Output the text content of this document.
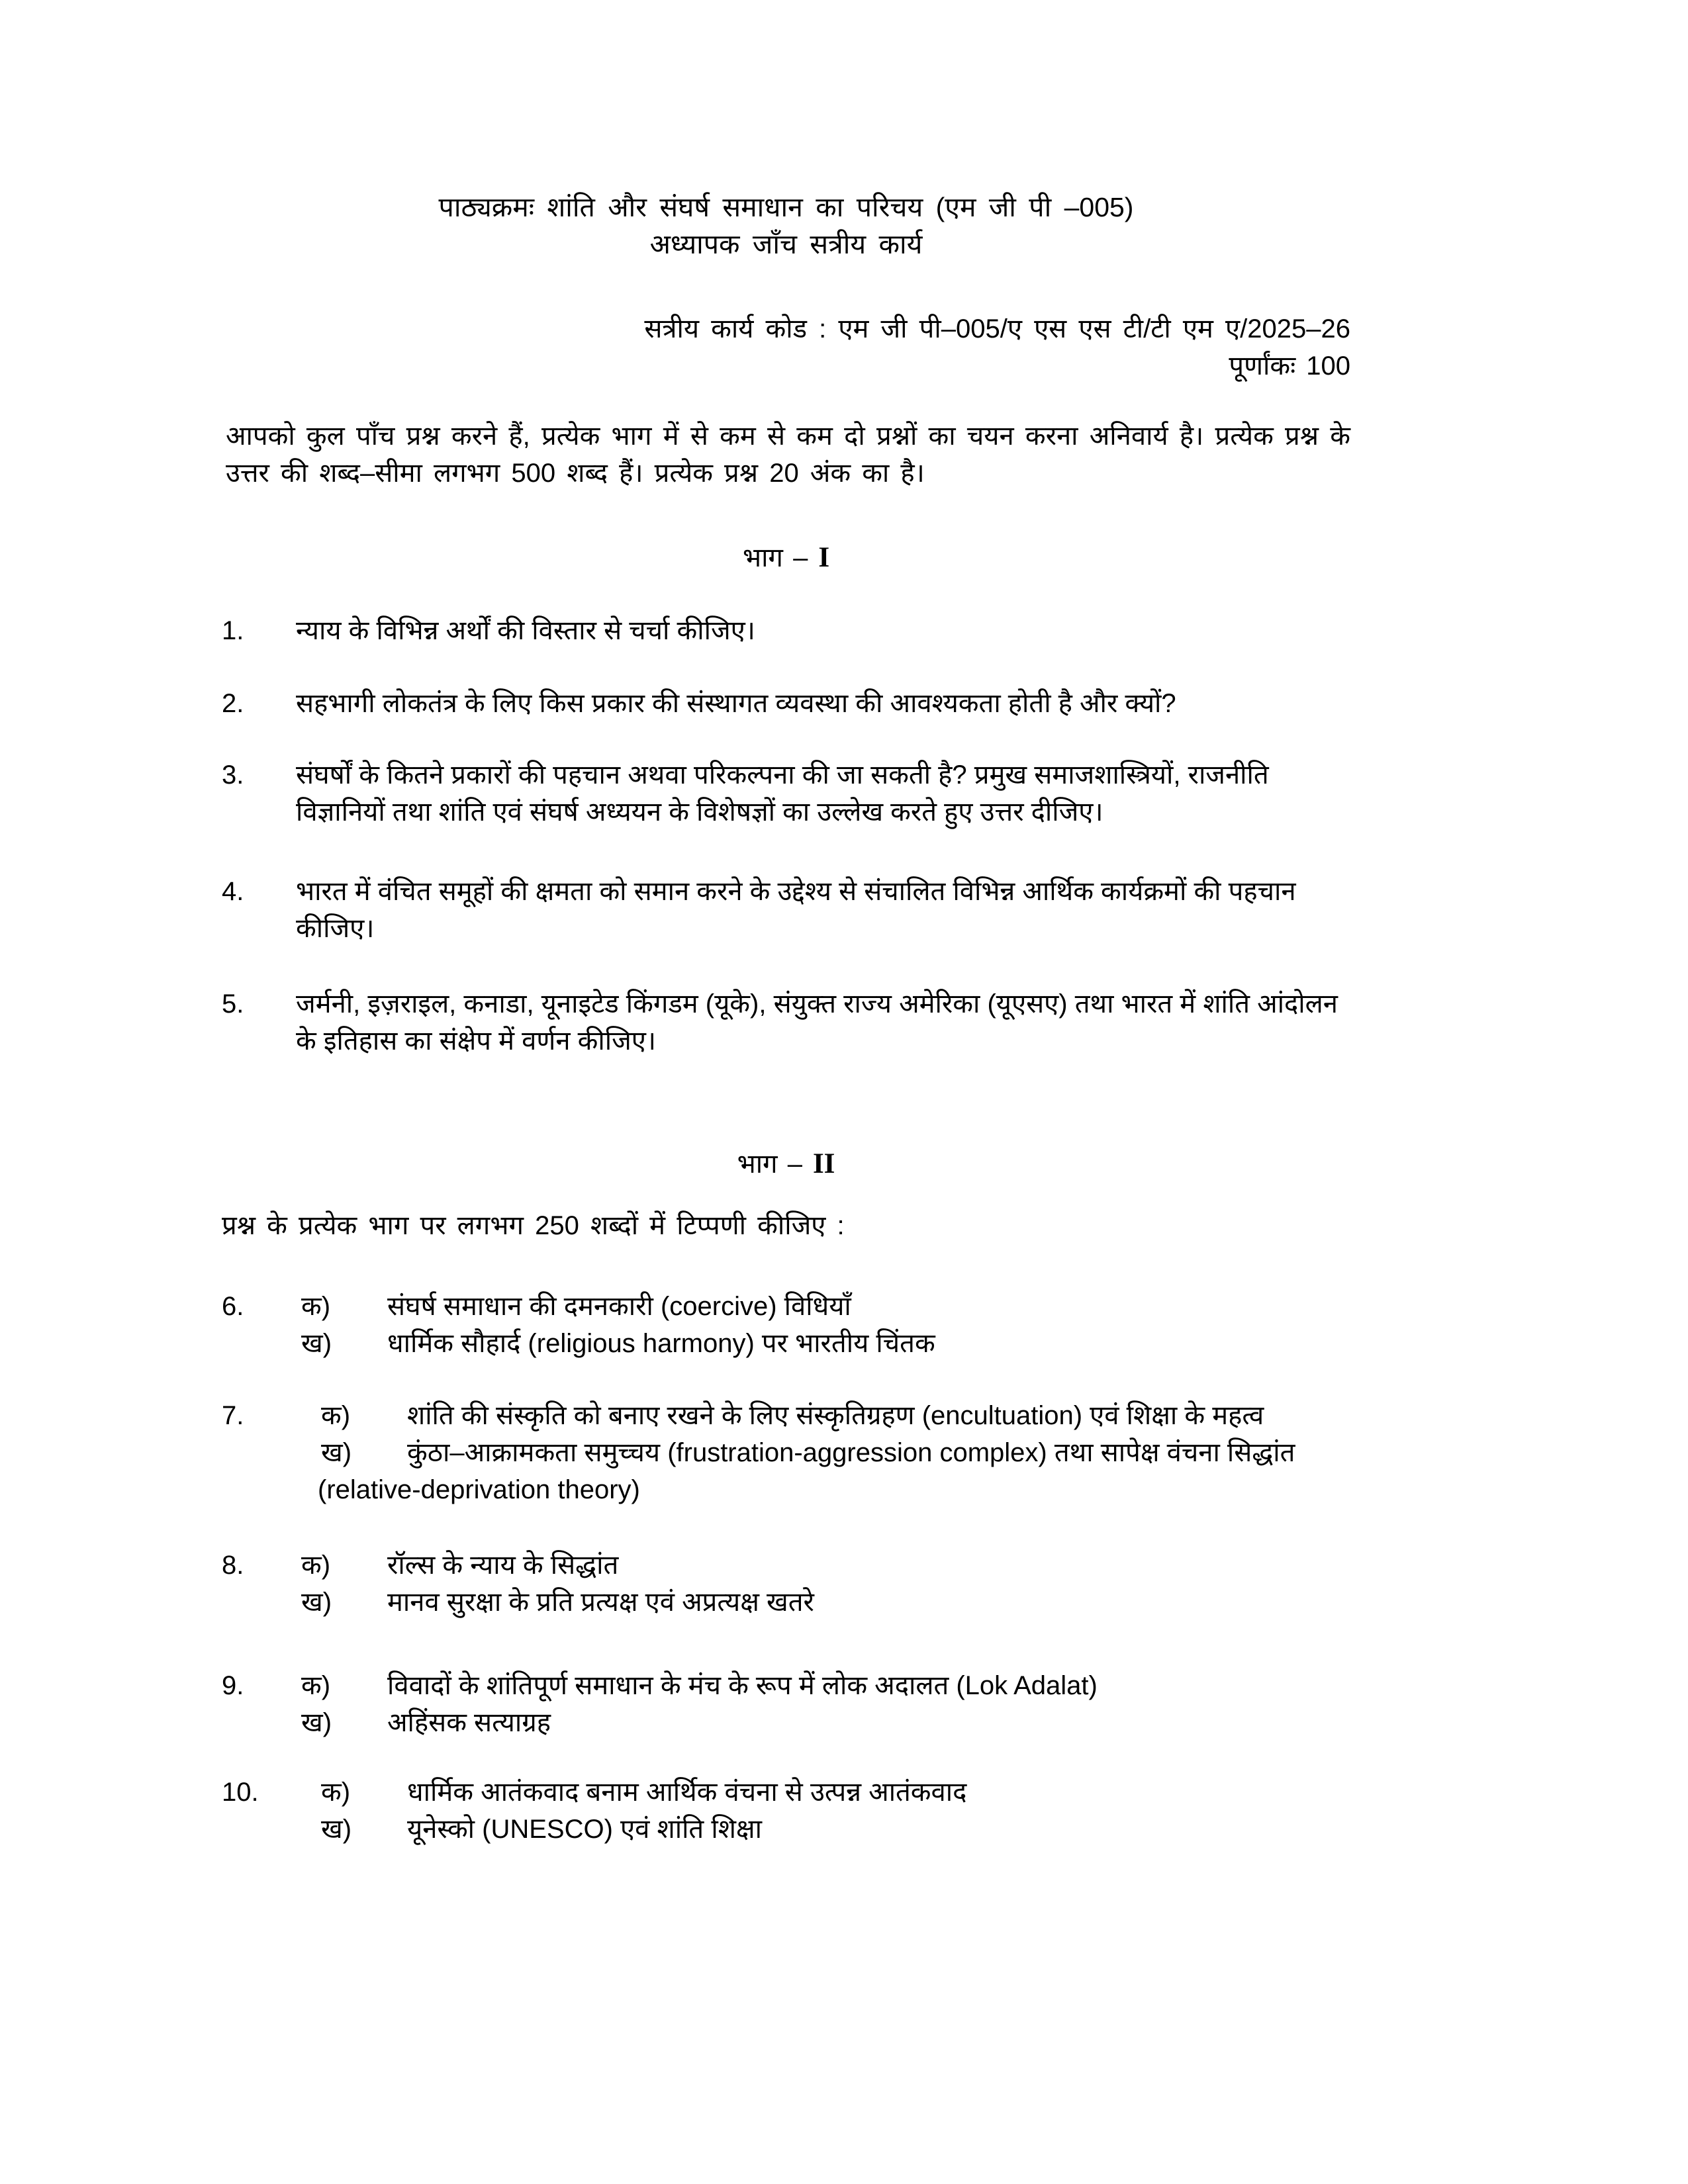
पाठ्यक्रमः शांति और संघर्ष समाधान का परिचय (एम जी पी –005)
अध्यापक जाँच सत्रीय कार्य
सत्रीय कार्य कोड : एम जी पी–005/ए एस एस टी/टी एम ए/2025–26
पूर्णांकः 100

आपको कुल पाँच प्रश्न करने हैं, प्रत्येक भाग में से कम से कम दो प्रश्नों का चयन करना अनिवार्य है। प्रत्येक प्रश्न के उत्तर की शब्द–सीमा लगभग 500 शब्द हैं। प्रत्येक प्रश्न 20 अंक का है।

भाग – I
1.	न्याय के विभिन्न अर्थों की विस्तार से चर्चा कीजिए।
2.	सहभागी लोकतंत्र के लिए किस प्रकार की संस्थागत व्यवस्था की आवश्यकता होती है और क्यों?
3.	संघर्षों के कितने प्रकारों की पहचान अथवा परिकल्पना की जा सकती है? प्रमुख समाजशास्त्रियों, राजनीति विज्ञानियों तथा शांति एवं संघर्ष अध्ययन के विशेषज्ञों का उल्लेख करते हुए उत्तर दीजिए।
4.	भारत में वंचित समूहों की क्षमता को समान करने के उद्देश्य से संचालित विभिन्न आर्थिक कार्यक्रमों की पहचान कीजिए।
5.	जर्मनी, इज़राइल, कनाडा, यूनाइटेड किंगडम (यूके), संयुक्त राज्य अमेरिका (यूएसए) तथा भारत में शांति आंदोलन के इतिहास का संक्षेप में वर्णन कीजिए।
भाग – II
प्रश्न के प्रत्येक भाग पर लगभग 250 शब्दों में टिप्पणी कीजिए :
6.	क)	संघर्ष समाधान की दमनकारी (coercive) विधियाँ
ख)	धार्मिक सौहार्द (religious harmony) पर भारतीय चिंतक
7.	क)	शांति की संस्कृति को बनाए रखने के लिए संस्कृतिग्रहण (encultuation) एवं शिक्षा के महत्व
ख)	कुंठा–आक्रामकता समुच्चय (frustration-aggression complex) तथा सापेक्ष वंचना सिद्धांत
(relative-deprivation theory)
8.	क)	रॉल्स के न्याय के सिद्धांत
ख)	मानव सुरक्षा के प्रति प्रत्यक्ष एवं अप्रत्यक्ष खतरे
9.	क)	विवादों के शांतिपूर्ण समाधान के मंच के रूप में लोक अदालत (Lok Adalat)
ख)	अहिंसक सत्याग्रह
10.	क)	धार्मिक आतंकवाद बनाम आर्थिक वंचना से उत्पन्न आतंकवाद
ख)	यूनेस्को (UNESCO) एवं शांति शिक्षा
